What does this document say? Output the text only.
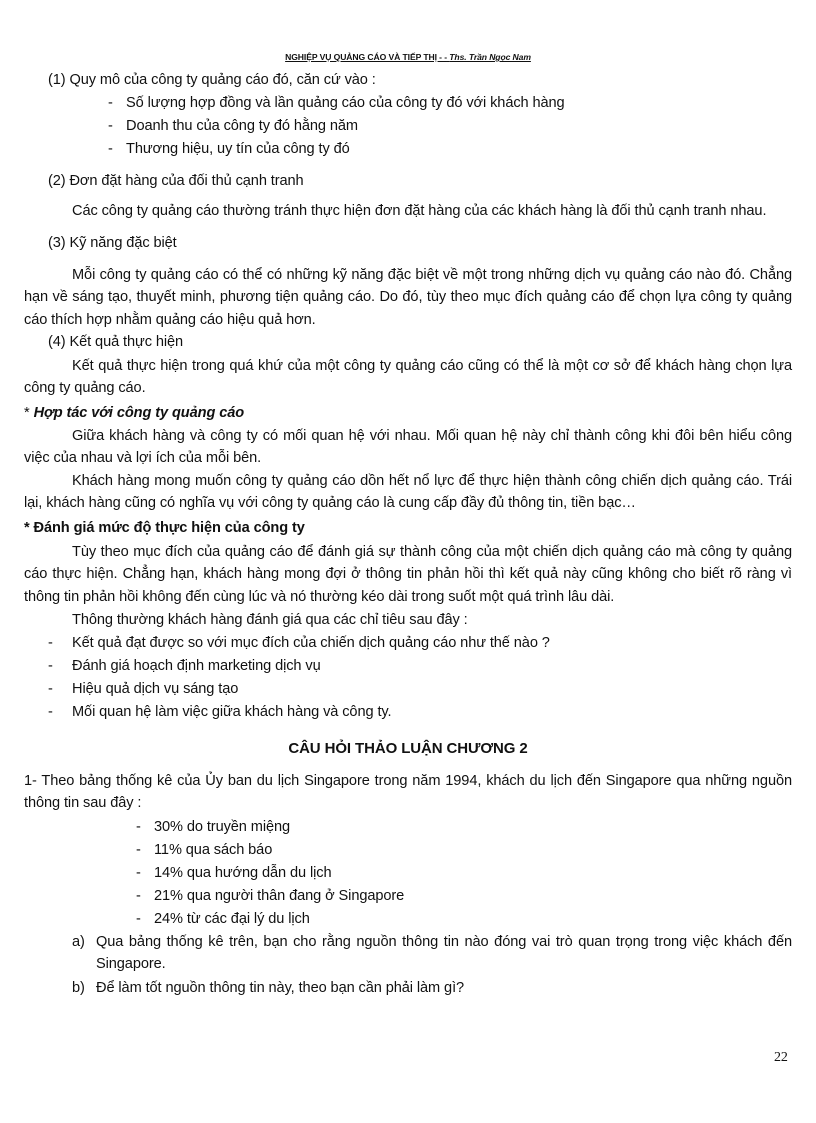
NGHIỆP VỤ QUẢNG CÁO VÀ TIẾP THỊ - - Ths. Trần Ngọc Nam
(1) Quy mô của công ty quảng cáo đó, căn cứ vào :
- Số lượng hợp đồng và lần quảng cáo của công ty đó với khách hàng
- Doanh thu của công ty đó hằng năm
- Thương hiệu, uy tín của công ty đó
(2) Đơn đặt hàng của đối thủ cạnh tranh
Các công ty quảng cáo thường tránh thực hiện đơn đặt hàng của các khách hàng là đối thủ cạnh tranh nhau.
(3) Kỹ năng đặc biệt
Mỗi công ty quảng cáo có thể có những kỹ năng đặc biệt về một trong những dịch vụ quảng cáo nào đó. Chẳng hạn về sáng tạo, thuyết minh, phương tiện quảng cáo. Do đó, tùy theo mục đích quảng cáo để chọn lựa công ty quảng cáo thích hợp nhằm quảng cáo hiệu quả hơn.
(4) Kết quả thực hiện
Kết quả thực hiện trong quá khứ của một công ty quảng cáo cũng có thể là một cơ sở để khách hàng chọn lựa công ty quảng cáo.
* Hợp tác với công ty quảng cáo
Giữa khách hàng và công ty có mối quan hệ với nhau. Mối quan hệ này chỉ thành công khi đôi bên hiểu công việc của nhau và lợi ích của mỗi bên.
Khách hàng mong muốn công ty quảng cáo dồn hết nổ lực để thực hiện thành công chiến dịch quảng cáo. Trái lại, khách hàng cũng có nghĩa vụ với công ty quảng cáo là cung cấp đầy đủ thông tin, tiền bạc…
* Đánh giá mức độ thực hiện của công ty
Tùy theo mục đích của quảng cáo để đánh giá sự thành công của một chiến dịch quảng cáo mà công ty quảng cáo thực hiện. Chẳng hạn, khách hàng mong đợi ở thông tin phản hồi thì kết quả này cũng không cho biết rõ ràng vì thông tin phản hồi không đến cùng lúc và nó thường kéo dài trong suốt một quá trình lâu dài.
Thông thường khách hàng đánh giá qua các chỉ tiêu sau đây :
- Kết quả đạt được so với mục đích của chiến dịch quảng cáo như thế nào ?
- Đánh giá hoạch định marketing dịch vụ
- Hiệu quả dịch vụ sáng tạo
- Mối quan hệ làm việc giữa khách hàng và công ty.
CÂU HỎI THẢO LUẬN CHƯƠNG 2
1- Theo bảng thống kê của Ủy ban du lịch Singapore trong năm 1994, khách du lịch đến Singapore qua những nguồn thông tin sau đây :
- 30% do truyền miệng
- 11% qua sách báo
- 14% qua hướng dẫn du lịch
- 21% qua người thân đang ở Singapore
- 24% từ các đại lý du lịch
a) Qua bảng thống kê trên, bạn cho rằng nguồn thông tin nào đóng vai trò quan trọng trong việc khách đến Singapore.
b) Để làm tốt nguồn thông tin này, theo bạn cần phải làm gì?
22
